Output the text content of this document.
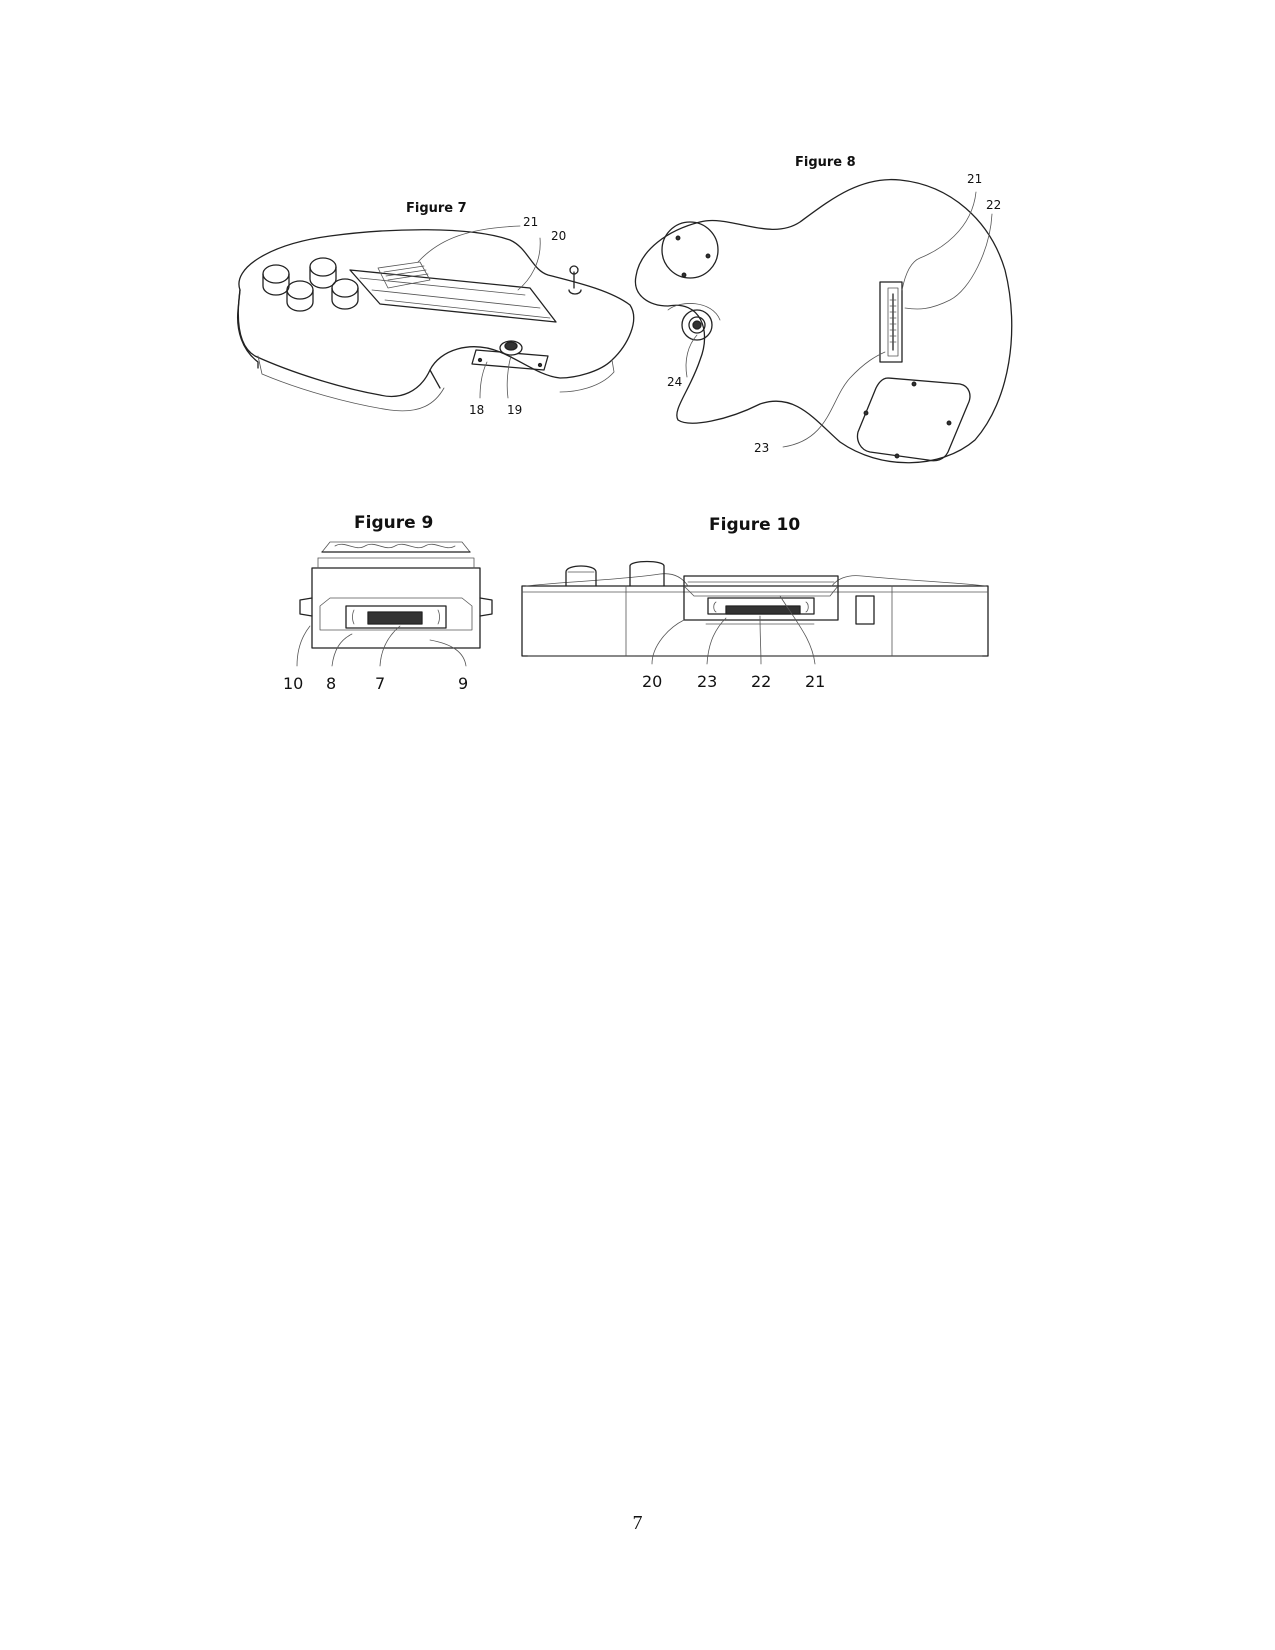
Figure 7
21
20
18 19
Figure 8
21
22
24
23
Figure 9
10 8 7	9
Figure 10
20 23 22 21
7
